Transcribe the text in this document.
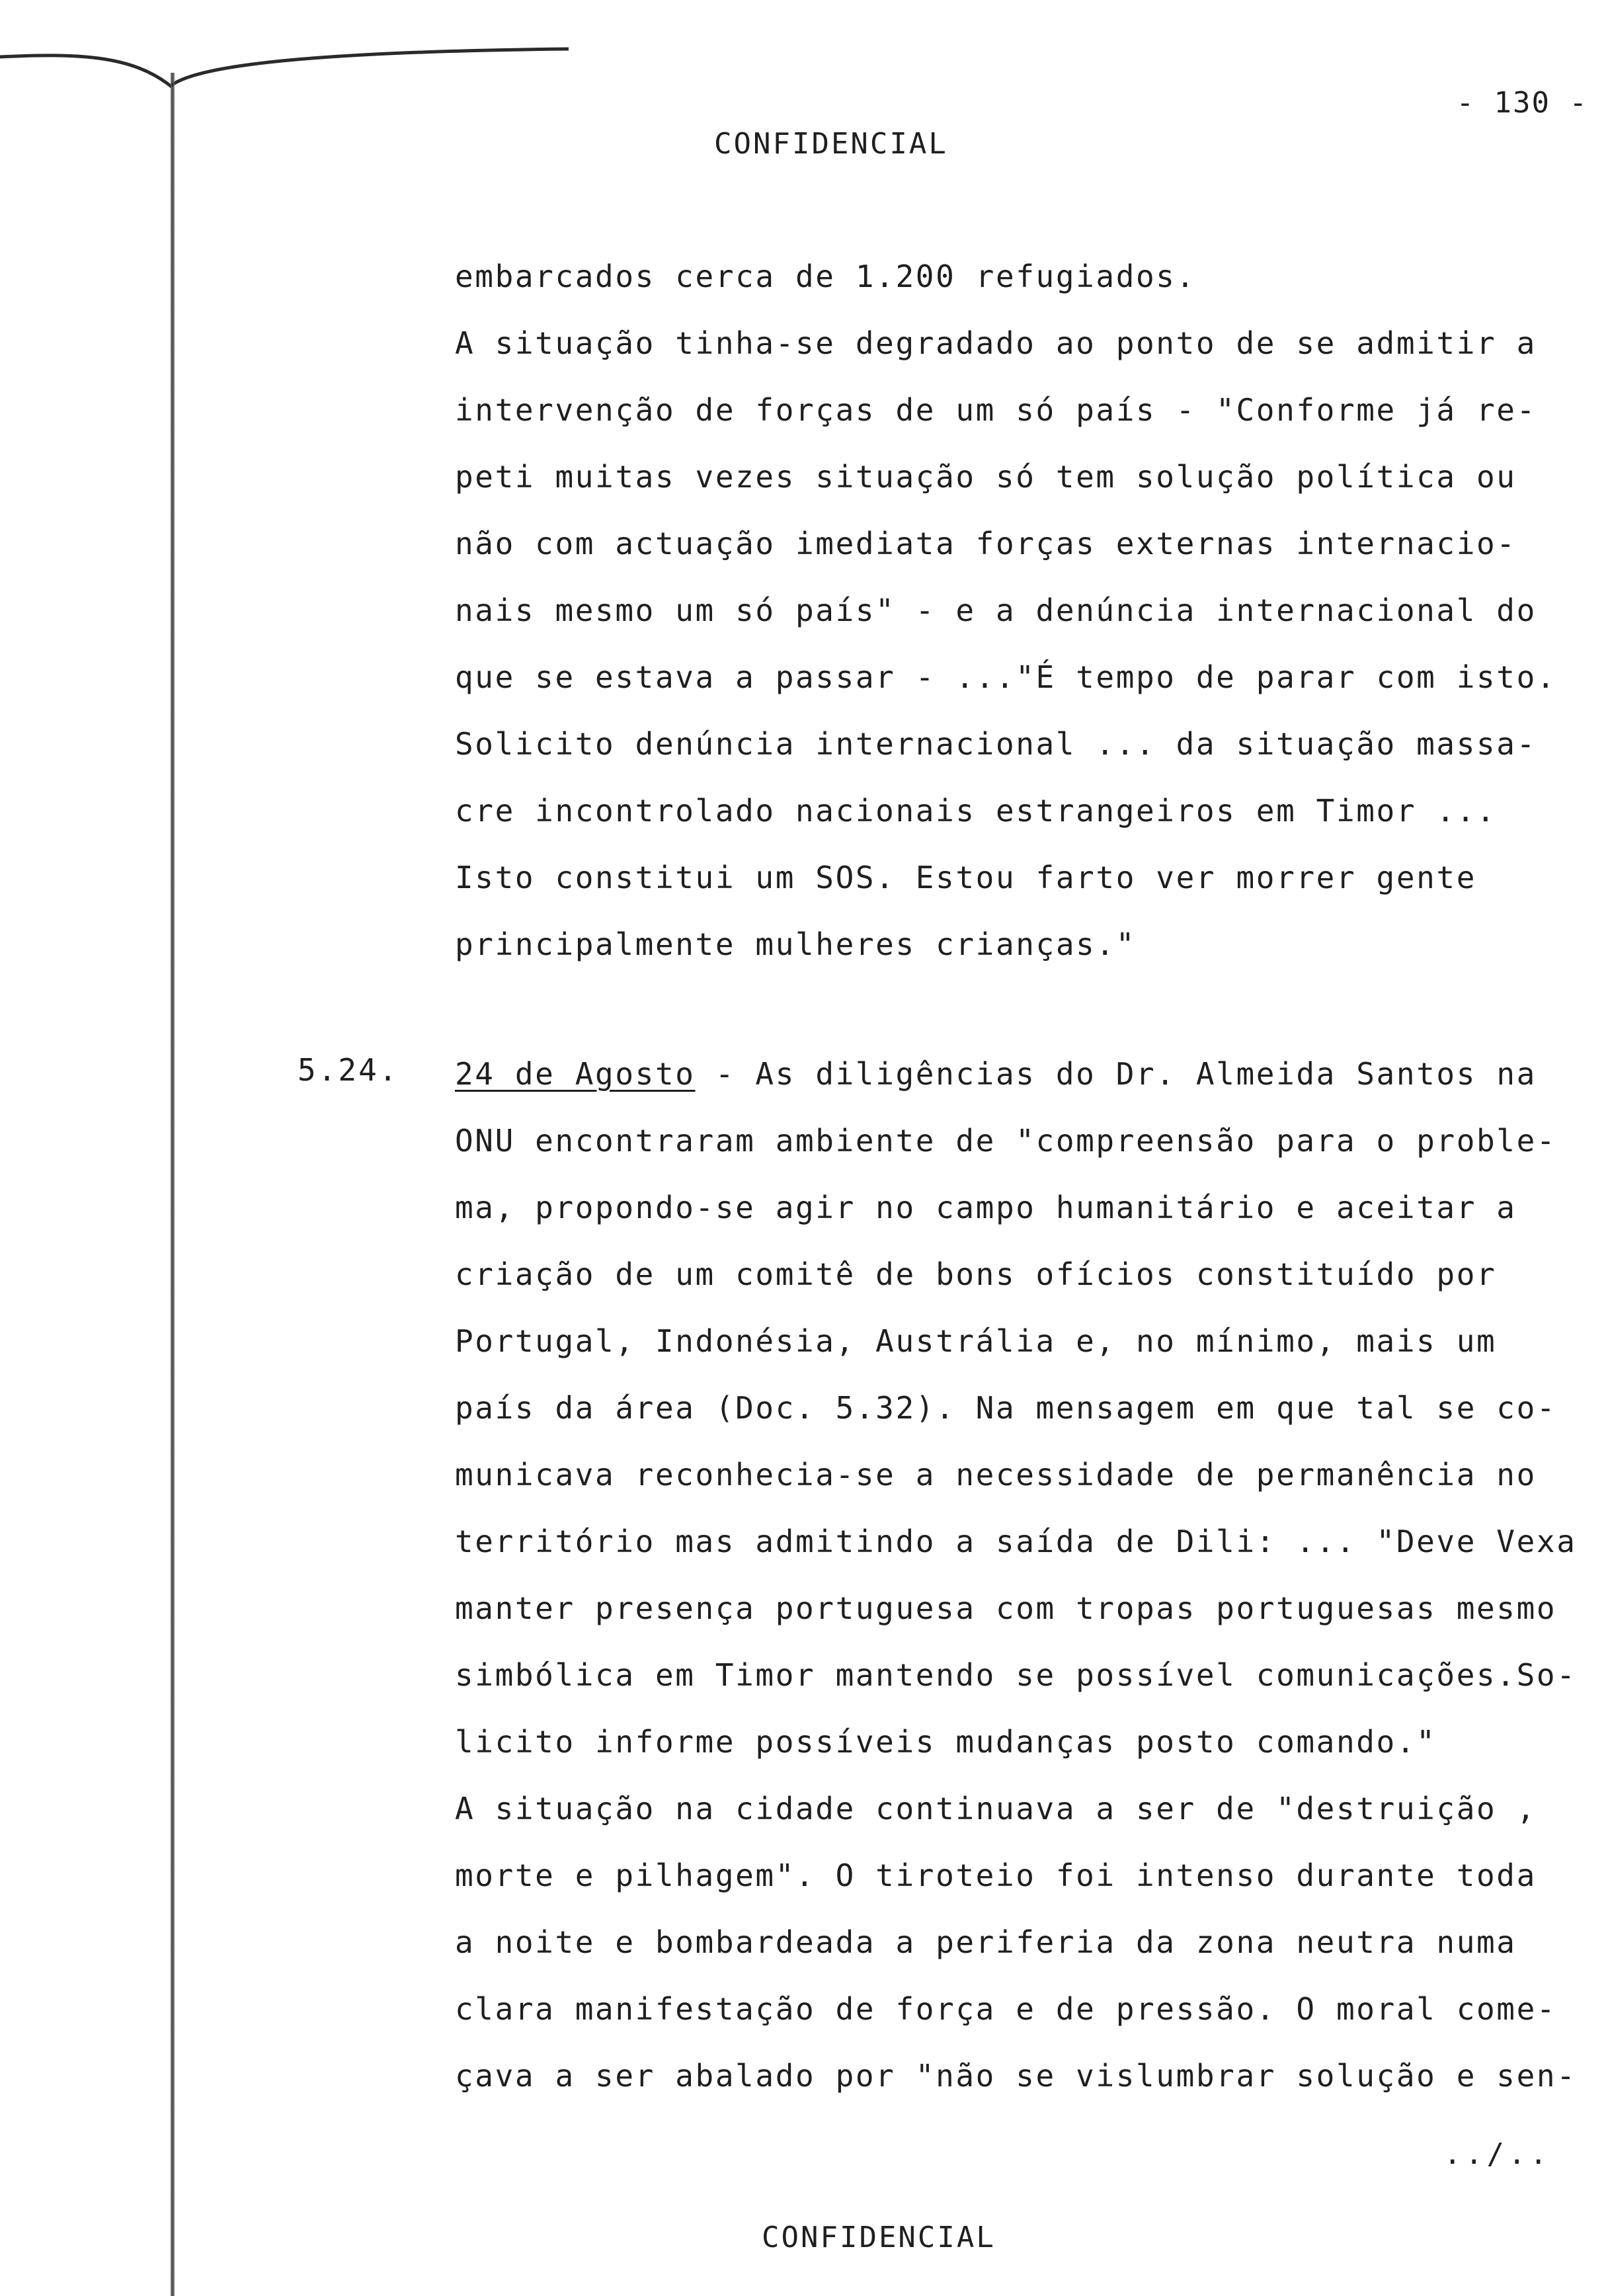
- 130 -
CONFIDENCIAL
embarcados cerca de 1.200 refugiados.
A situação tinha-se degradado ao ponto de se admitir a
intervenção de forças de um só país - "Conforme já re-
peti muitas vezes situação só tem solução política ou
não com actuação imediata forças externas internacio-
nais mesmo um só país" - e a denúncia internacional do
que se estava a passar - ..."É tempo de parar com isto.
Solicito denúncia internacional ... da situação massa-
cre incontrolado nacionais estrangeiros em Timor ...
Isto constitui um SOS. Estou farto ver morrer gente
principalmente mulheres crianças."
5.24. 24 de Agosto - As diligências do Dr. Almeida Santos na
ONU encontraram ambiente de "compreensão para o proble-
ma, propondo-se agir no campo humanitário e aceitar a
criação de um comitê de bons ofícios constituído por
Portugal, Indonésia, Austrália e, no mínimo, mais um
país da área (Doc. 5.32). Na mensagem em que tal se co-
municava reconhecia-se a necessidade de permanência no
território mas admitindo a saída de Dili: ... "Deve Vexa
manter presença portuguesa com tropas portuguesas mesmo
simbólica em Timor mantendo se possível comunicações.So-
licito informe possíveis mudanças posto comando."
A situação na cidade continuava a ser de "destruição ,
morte e pilhagem". O tiroteio foi intenso durante toda
a noite e bombardeada a periferia da zona neutra numa
clara manifestação de força e de pressão. O moral come-
çava a ser abalado por "não se vislumbrar solução e sen-
../..
CONFIDENCIAL
